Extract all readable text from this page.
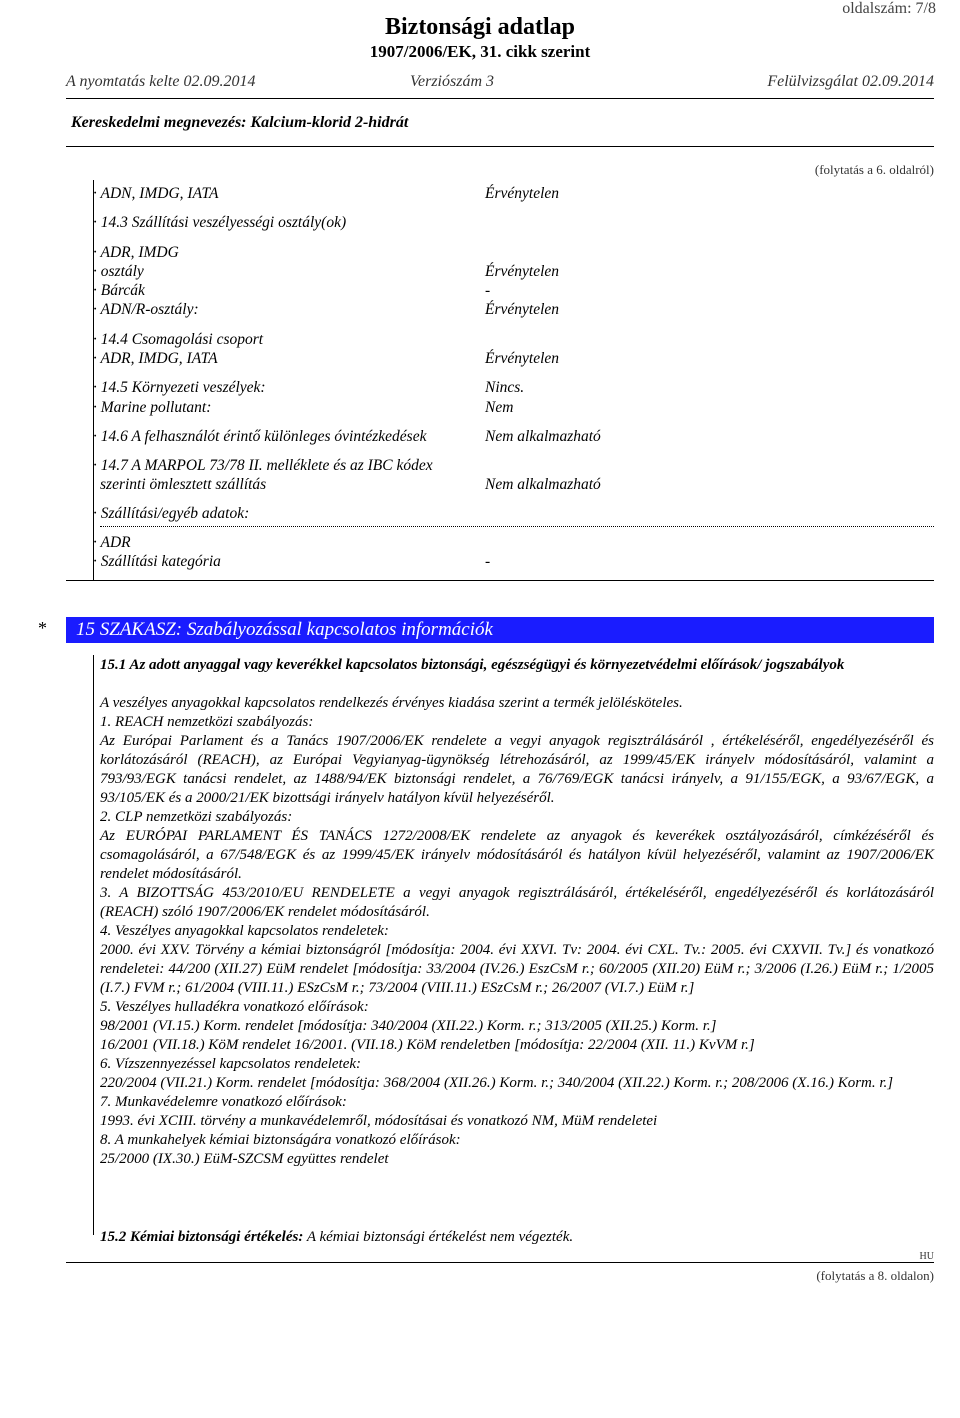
oldalszám: 7/8
Biztonsági adatlap
1907/2006/EK, 31. cikk szerint
A nyomtatás kelte 02.09.2014	Verziószám 3	Felülvizsgálat 02.09.2014
Kereskedelmi megnevezés: Kalcium-klorid 2-hidrát
(folytatás a 6. oldalról)
· ADN, IMDG, IATA	Érvénytelen
· 14.3 Szállítási veszélyességi osztály(ok)
· ADR, IMDG
· osztály	Érvénytelen
· Bárcák	-
· ADN/R-osztály:	Érvénytelen
· 14.4 Csomagolási csoport
· ADR, IMDG, IATA	Érvénytelen
· 14.5 Környezeti veszélyek:	Nincs.
· Marine pollutant:	Nem
· 14.6 A felhasználót érintő különleges óvintézkedések	Nem alkalmazható
· 14.7 A MARPOL 73/78 II. melléklete és az IBC kódex
szerinti ömlesztett szállítás	Nem alkalmazható
· Szállítási/egyéb adatok:
· ADR
· Szállítási kategória	-
* 15 SZAKASZ: Szabályozással kapcsolatos információk

15.1 Az adott anyaggal vagy keverékkel kapcsolatos biztonsági, egészségügyi és környezetvédelmi előírások/ jogszabályok

A veszélyes anyagokkal kapcsolatos rendelkezés érvényes kiadása szerint a termék jelölésköteles.

1. REACH nemzetközi szabályozás:

Az Európai Parlament és a Tanács 1907/2006/EK rendelete a vegyi anyagok regisztrálásáról , értékeléséről, engedélyezéséről és korlátozásáról (REACH), az Európai Vegyianyag-ügynökség létrehozásáról, az 1999/45/EK irányelv módosításáról, valamint a 793/93/EGK tanácsi rendelet, az 1488/94/EK biztonsági rendelet, a 76/769/EGK tanácsi irányelv, a 91/155/EGK, a 93/67/EGK, a 93/105/EK és a 2000/21/EK bizottsági irányelv hatályon kívül helyezéséről.

2. CLP nemzetközi szabályozás:

Az EURÓPAI PARLAMENT ÉS TANÁCS 1272/2008/EK rendelete az anyagok és keverékek osztályozásáról, címkézéséről és csomagolásáról, a 67/548/EGK és az 1999/45/EK irányelv módosításáról és hatályon kívül helyezéséről, valamint az 1907/2006/EK rendelet módosításáról.

3. A BIZOTTSÁG 453/2010/EU RENDELETE a vegyi anyagok regisztrálásáról, értékeléséről, engedélyezéséről és korlátozásáról (REACH) szóló 1907/2006/EK rendelet módosításáról.

4. Veszélyes anyagokkal kapcsolatos rendeletek:

2000. évi XXV. Törvény a kémiai biztonságról [módosítja: 2004. évi XXVI. Tv: 2004. évi CXL. Tv.: 2005. évi CXXVII. Tv.] és vonatkozó rendeletei: 44/200 (XII.27) EüM rendelet [módosítja: 33/2004 (IV.26.) EszCsM r.; 60/2005 (XII.20) EüM r.; 3/2006 (I.26.) EüM r.; 1/2005 (I.7.) FVM r.; 61/2004 (VIII.11.) ESzCsM r.; 73/2004 (VIII.11.) ESzCsM r.; 26/2007 (VI.7.) EüM r.]

5. Veszélyes hulladékra vonatkozó előírások:

98/2001 (VI.15.) Korm. rendelet [módosítja: 340/2004 (XII.22.) Korm. r.; 313/2005 (XII.25.) Korm. r.]

16/2001 (VII.18.) KöM rendelet 16/2001. (VII.18.) KöM rendeletben [módosítja: 22/2004 (XII. 11.) KvVM r.]

6. Vízszennyezéssel kapcsolatos rendeletek:

220/2004 (VII.21.) Korm. rendelet [módosítja: 368/2004 (XII.26.) Korm. r.; 340/2004 (XII.22.) Korm. r.; 208/2006 (X.16.) Korm. r.]

7. Munkavédelemre vonatkozó előírások:

1993. évi XCIII. törvény a munkavédelemről, módosításai és vonatkozó NM, MüM rendeletei

8. A munkahelyek kémiai biztonságára vonatkozó előírások:

25/2000 (IX.30.) EüM-SZCSM együttes rendelet

15.2 Kémiai biztonsági értékelés: A kémiai biztonsági értékelést nem végezték.

HU
(folytatás a 8. oldalon)
